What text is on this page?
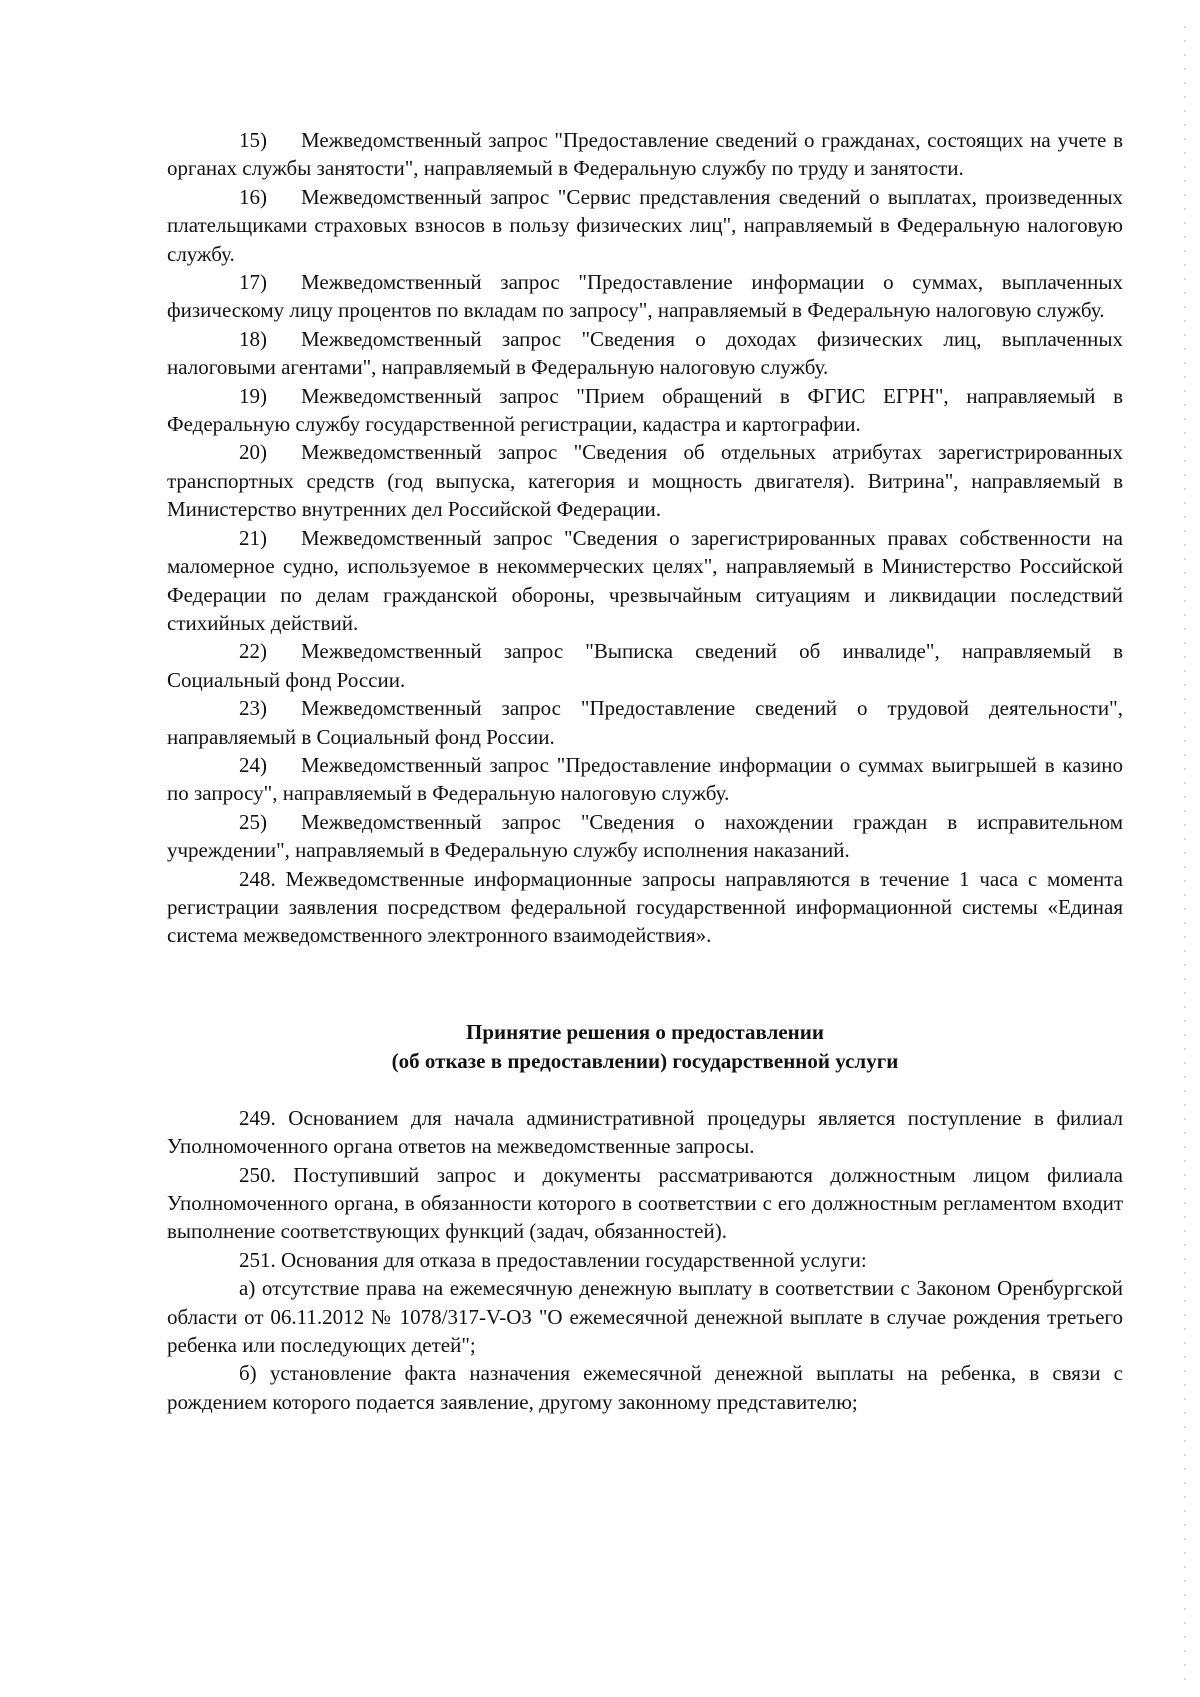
15) Межведомственный запрос "Предоставление сведений о гражданах, состоящих на учете в органах службы занятости", направляемый в Федеральную службу по труду и занятости.

16) Межведомственный запрос "Сервис представления сведений о выплатах, произведенных плательщиками страховых взносов в пользу физических лиц", направляемый в Федеральную налоговую службу.

17) Межведомственный запрос "Предоставление информации о суммах, выплаченных физическому лицу процентов по вкладам по запросу", направляемый в Федеральную налоговую службу.

18) Межведомственный запрос "Сведения о доходах физических лиц, выплаченных налоговыми агентами", направляемый в Федеральную налоговую службу.

19) Межведомственный запрос "Прием обращений в ФГИС ЕГРН", направляемый в Федеральную службу государственной регистрации, кадастра и картографии.

20) Межведомственный запрос "Сведения об отдельных атрибутах зарегистрированных транспортных средств (год выпуска, категория и мощность двигателя). Витрина", направляемый в Министерство внутренних дел Российской Федерации.

21) Межведомственный запрос "Сведения о зарегистрированных правах собственности на маломерное судно, используемое в некоммерческих целях", направляемый в Министерство Российской Федерации по делам гражданской обороны, чрезвычайным ситуациям и ликвидации последствий стихийных действий.

22) Межведомственный запрос "Выписка сведений об инвалиде", направляемый в Социальный фонд России.

23) Межведомственный запрос "Предоставление сведений о трудовой деятельности", направляемый в Социальный фонд России.

24) Межведомственный запрос "Предоставление информации о суммах выигрышей в казино по запросу", направляемый в Федеральную налоговую службу.

25) Межведомственный запрос "Сведения о нахождении граждан в исправительном учреждении", направляемый в Федеральную службу исполнения наказаний.

248. Межведомственные информационные запросы направляются в течение 1 часа с момента регистрации заявления посредством федеральной государственной информационной системы «Единая система межведомственного электронного взаимодействия».

Принятие решения о предоставлении
(об отказе в предоставлении) государственной услуги

249. Основанием для начала административной процедуры является поступление в филиал Уполномоченного органа ответов на межведомственные запросы.

250. Поступивший запрос и документы рассматриваются должностным лицом филиала Уполномоченного органа, в обязанности которого в соответствии с его должностным регламентом входит выполнение соответствующих функций (задач, обязанностей).

251. Основания для отказа в предоставлении государственной услуги:

а) отсутствие права на ежемесячную денежную выплату в соответствии с Законом Оренбургской области от 06.11.2012 № 1078/317-V-ОЗ "О ежемесячной денежной выплате в случае рождения третьего ребенка или последующих детей";

б) установление факта назначения ежемесячной денежной выплаты на ребенка, в связи с рождением которого подается заявление, другому законному представителю;
